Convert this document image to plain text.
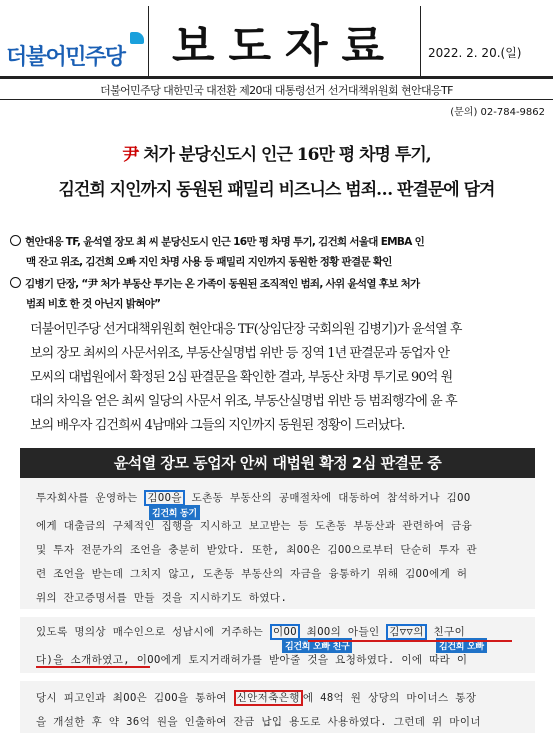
더불어민주당	보도자료	2022. 2. 20.(일)
더불어민주당 대한민국 대전환 제20대 대통령선거 선거대책위원회 현안대응TF
(문의) 02-784-9862
尹 처가 분당신도시 인근 16만 평 차명 투기,
김건희 지인까지 동원된 패밀리 비즈니스 범죄… 판결문에 담겨
현안대응 TF, 윤석열 장모 최 씨 분당신도시 인근 16만 평 차명 투기, 김건희 서울대 EMBA 인
맥 잔고 위조, 김건희 오빠 지인 차명 사용 등 패밀리 지인까지 동원한 정황 판결문 확인
김병기 단장, “尹 처가 부동산 투기는 온 가족이 동원된 조직적인 범죄, 사위 윤석열 후보 처가
범죄 비호 한 것 아닌지 밝혀야”
더불어민주당 선거대책위원회 현안대응 TF(상임단장 국회의원 김병기)가 윤석열 후
보의 장모 최씨의 사문서위조, 부동산실명법 위반 등 징역 1년 판결문과 동업자 안
모씨의 대법원에서 확정된 2심 판결문을 확인한 결과, 부동산 차명 투기로 90억 원
대의 차익을 얻은 최씨 일당의 사문서 위조, 부동산실명법 위반 등 범죄행각에 윤 후
보의 배우자 김건희씨 4남매와 그들의 지인까지 동원된 정황이 드러났다.
윤석열 장모 동업자 안씨 대법원 확정 2심 판결문 중
투자회사를 운영하는 김OO을 도촌동 부동산의 공매절차에 대동하여 참석하거나 김OO
김건희 동기
에게 대출금의 구체적인 집행을 지시하고 보고받는 등 도촌동 부동산과 관련하여 금융
및 투자 전문가의 조언을 충분히 받았다. 또한, 최OO은 김OO으로부터 단순히 투자 관
련 조언을 받는데 그치지 않고, 도촌동 부동산의 자금을 융통하기 위해 김OO에게 허
위의 잔고증명서를 만들 것을 지시하기도 하였다.
있도록 명의상 매수인으로 성남시에 거주하는 이OO 최OO의 아들인 김▽▽의 친구이
김건희 오빠 친구	김건희 오빠
다)을 소개하였고, 이OO에게 토지거래허가를 받아줄 것을 요청하였다. 이에 따라 이
당시 피고인과 최OO은 김OO을 통하여 신안저축은행 에 48억 원 상당의 마이너스 통장
을 개설한 후 약 36억 원을 인출하여 잔금 납입 용도로 사용하였다. 그런데 위 마이너
